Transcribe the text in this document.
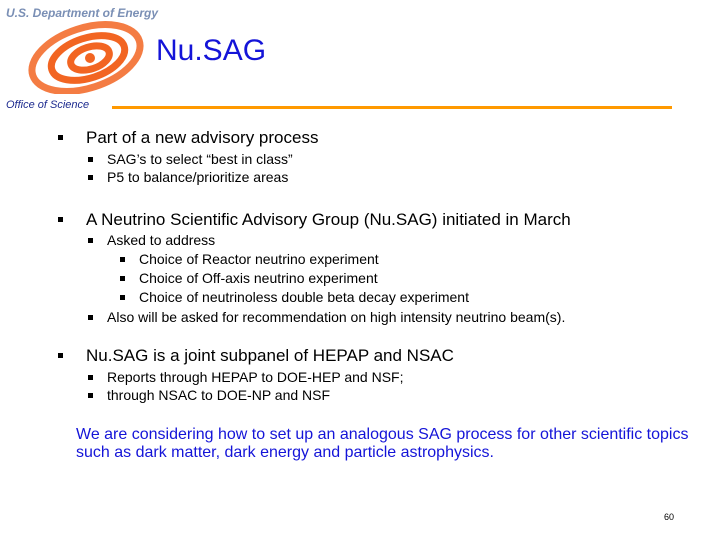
U.S. Department of Energy
Nu.SAG
Office of Science
Part of a new advisory process
SAG’s to select “best in class”
P5 to balance/prioritize areas
A Neutrino Scientific Advisory Group (Nu.SAG) initiated in March
Asked to address
Choice of Reactor neutrino experiment
Choice of Off-axis neutrino experiment
Choice of neutrinoless double beta decay experiment
Also will be asked for recommendation on high intensity neutrino beam(s).
Nu.SAG is a joint subpanel of HEPAP and NSAC
Reports through HEPAP to DOE-HEP and NSF;
through NSAC to DOE-NP and NSF
We are considering how to set up an analogous SAG process for other scientific topics such as dark matter, dark energy and particle astrophysics.
60
